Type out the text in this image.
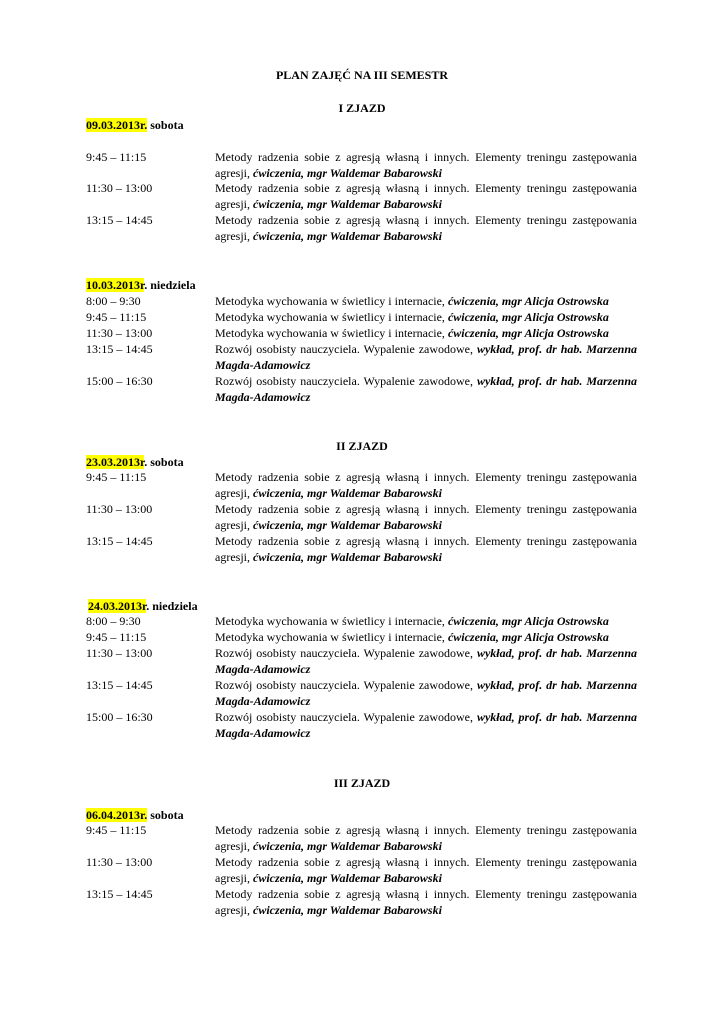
PLAN ZAJĘĆ NA III SEMESTR
I ZJAZD
09.03.2013r. sobota
9:45 – 11:15	Metody radzenia sobie z agresją własną i innych. Elementy treningu zastępowania agresji, ćwiczenia, mgr Waldemar Babarowski
11:30 – 13:00	Metody radzenia sobie z agresją własną i innych. Elementy treningu zastępowania agresji, ćwiczenia, mgr Waldemar Babarowski
13:15 – 14:45	Metody radzenia sobie z agresją własną i innych. Elementy treningu zastępowania agresji, ćwiczenia, mgr Waldemar Babarowski
10.03.2013r. niedziela
8:00 – 9:30	Metodyka wychowania w świetlicy i internacie, ćwiczenia, mgr Alicja Ostrowska
9:45 – 11:15	Metodyka wychowania w świetlicy i internacie, ćwiczenia, mgr Alicja Ostrowska
11:30 – 13:00	Metodyka wychowania w świetlicy i internacie, ćwiczenia, mgr Alicja Ostrowska
13:15 – 14:45	Rozwój osobisty nauczyciela. Wypalenie zawodowe, wykład, prof. dr hab. Marzenna Magda-Adamowicz
15:00 – 16:30	Rozwój osobisty nauczyciela. Wypalenie zawodowe, wykład, prof. dr hab. Marzenna Magda-Adamowicz
II ZJAZD
23.03.2013r. sobota
9:45 – 11:15	Metody radzenia sobie z agresją własną i innych. Elementy treningu zastępowania agresji, ćwiczenia, mgr Waldemar Babarowski
11:30 – 13:00	Metody radzenia sobie z agresją własną i innych. Elementy treningu zastępowania agresji, ćwiczenia, mgr Waldemar Babarowski
13:15 – 14:45	Metody radzenia sobie z agresją własną i innych. Elementy treningu zastępowania agresji, ćwiczenia, mgr Waldemar Babarowski
24.03.2013r. niedziela
8:00 – 9:30	Metodyka wychowania w świetlicy i internacie, ćwiczenia, mgr Alicja Ostrowska
9:45 – 11:15	Metodyka wychowania w świetlicy i internacie, ćwiczenia, mgr Alicja Ostrowska
11:30 – 13:00	Rozwój osobisty nauczyciela. Wypalenie zawodowe, wykład, prof. dr hab. Marzenna Magda-Adamowicz
13:15 – 14:45	Rozwój osobisty nauczyciela. Wypalenie zawodowe, wykład, prof. dr hab. Marzenna Magda-Adamowicz
15:00 – 16:30	Rozwój osobisty nauczyciela. Wypalenie zawodowe, wykład, prof. dr hab. Marzenna Magda-Adamowicz
III ZJAZD
06.04.2013r. sobota
9:45 – 11:15	Metody radzenia sobie z agresją własną i innych. Elementy treningu zastępowania agresji, ćwiczenia, mgr Waldemar Babarowski
11:30 – 13:00	Metody radzenia sobie z agresją własną i innych. Elementy treningu zastępowania agresji, ćwiczenia, mgr Waldemar Babarowski
13:15 – 14:45	Metody radzenia sobie z agresją własną i innych. Elementy treningu zastępowania agresji, ćwiczenia, mgr Waldemar Babarowski
